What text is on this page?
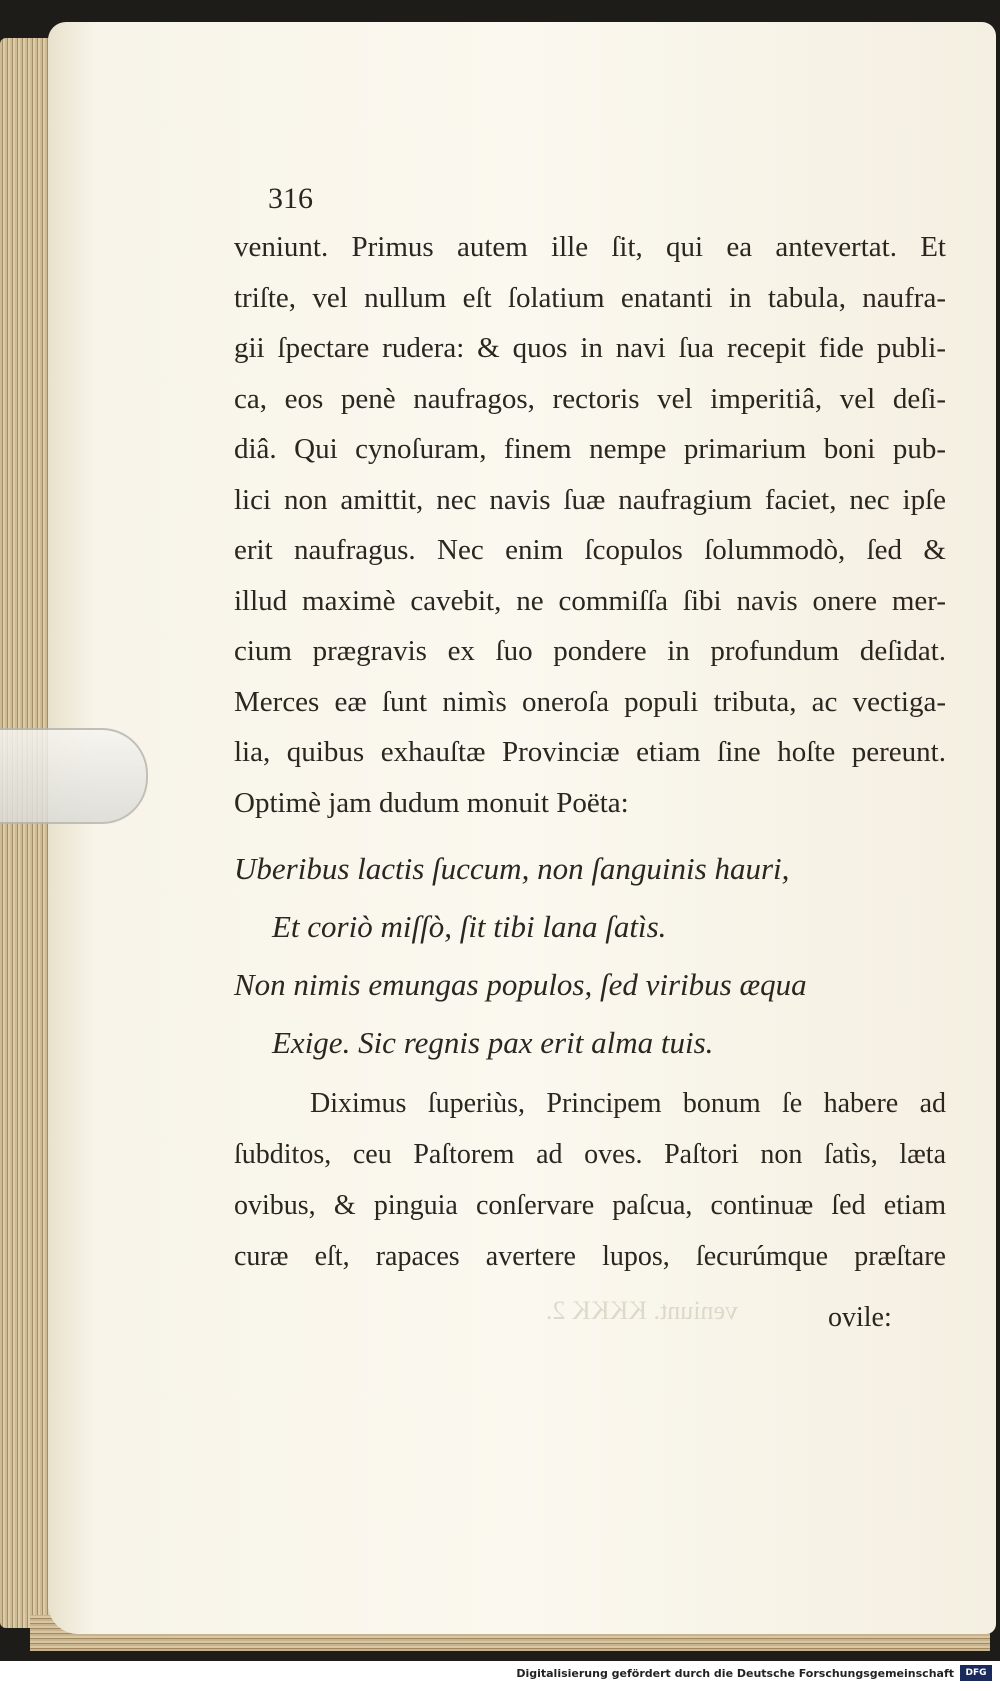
316
veniunt. Primus autem ille ſit, qui ea antevertat. Et
triſte, vel nullum eſt ſolatium enatanti in tabula, naufra-
gii ſpectare rudera: & quos in navi ſua recepit fide publi-
ca, eos penè naufragos, rectoris vel imperitiâ, vel deſi-
diâ. Qui cynoſuram, finem nempe primarium boni pub-
lici non amittit, nec navis ſuæ naufragium faciet, nec ipſe
erit naufragus. Nec enim ſcopulos ſolummodò, ſed &
illud maximè cavebit, ne commiſſa ſibi navis onere mer-
cium prægravis ex ſuo pondere in profundum deſidat.
Merces eæ ſunt nimìs oneroſa populi tributa, ac vectiga-
lia, quibus exhauſtæ Provinciæ etiam ſine hoſte pereunt.
Optimè jam dudum monuit Poëta:
Uberibus lactis ſuccum, non ſanguinis hauri,
Et coriò miſſò, ſit tibi lana ſatìs.
Non nimis emungas populos, ſed viribus æqua
Exige. Sic regnis pax erit alma tuis.
Diximus ſuperiùs, Principem bonum ſe habere ad
ſubditos, ceu Paſtorem ad oves. Paſtori non ſatìs, læta
ovibus, & pinguia conſervare paſcua, continuæ ſed etiam
curæ eſt, rapaces avertere lupos, ſecurúmque præſtare
veniunt. KKKK 2.	ovile:
Digitalisierung gefördert durch die Deutsche Forschungsgemeinschaft	DFG
